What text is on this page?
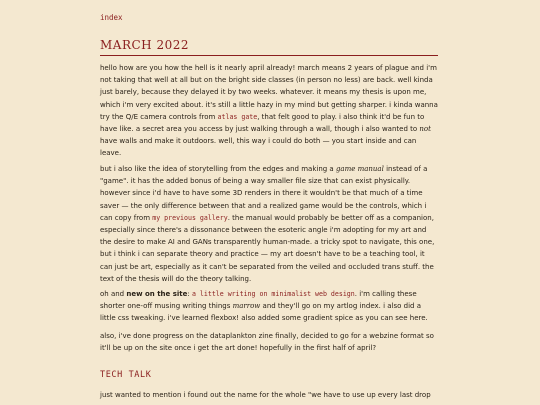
index
MARCH 2022

hello how are you how the hell is it nearly april already! march means 2 years of plague and i'm not taking that well at all but on the bright side classes (in person no less) are back. well kinda just barely, because they delayed it by two weeks. whatever. it means my thesis is upon me, which i'm very excited about. it's still a little hazy in my mind but getting sharper. i kinda wanna try the Q/E camera controls from atlas gate, that felt good to play. i also think it'd be fun to have like. a secret area you access by just walking through a wall, though i also wanted to not have walls and make it outdoors. well, this way i could do both — you start inside and can leave.

but i also like the idea of storytelling from the edges and making a game manual instead of a "game". it has the added bonus of being a way smaller file size that can exist physically. however since i'd have to have some 3D renders in there it wouldn't be that much of a time saver — the only difference between that and a realized game would be the controls, which i can copy from my previous gallery. the manual would probably be better off as a companion, especially since there's a dissonance between the esoteric angle i'm adopting for my art and the desire to make AI and GANs transparently human-made. a tricky spot to navigate, this one, but i think i can separate theory and practice — my art doesn't have to be a teaching tool, it can just be art, especially as it can't be separated from the veiled and occluded trans stuff. the text of the thesis will do the theory talking.

oh and new on the site: a little writing on minimalist web design. i'm calling these shorter one-off musing writing things marrow and they'll go on my artlog index. i also did a little css tweaking. i've learned flexbox! also added some gradient spice as you can see here.

also, i've done progress on the dataplankton zine finally, decided to go for a webzine format so it'll be up on the site once i get the art done! hopefully in the first half of april?

TECH TALK

just wanted to mention i found out the name for the whole "we have to use up every last drop
